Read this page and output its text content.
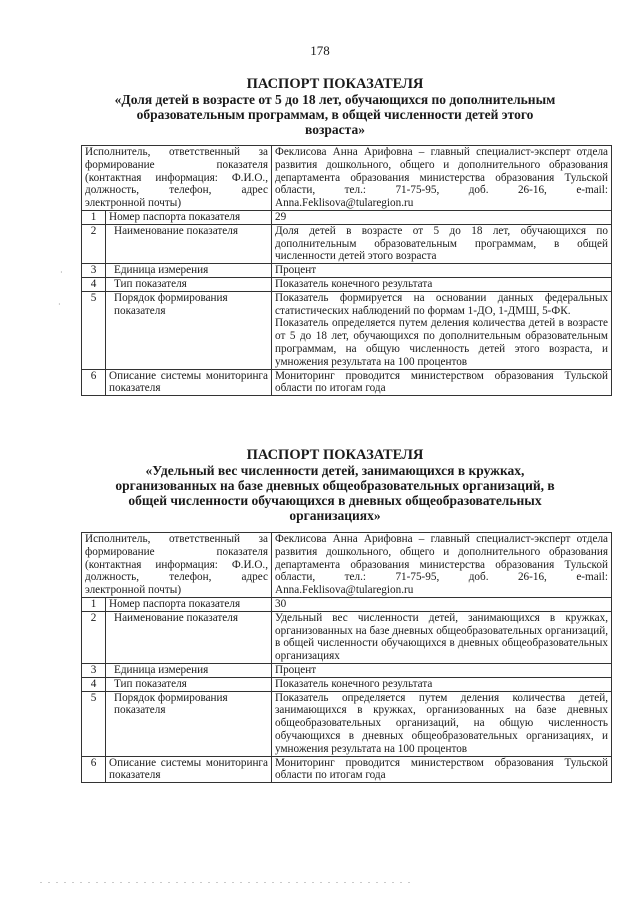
178
ПАСПОРТ ПОКАЗАТЕЛЯ
«Доля детей в возрасте от 5 до 18 лет, обучающихся по дополнительным
образовательным программам, в общей численности детей этого
возраста»
Исполнитель, ответственный за формирование показателя (контактная информация: Ф.И.О., должность, телефон, адрес электронной почты)		Феклисова Анна Арифовна – главный специалист-эксперт отдела развития дошкольного, общего и дополнительного образования департамента образования министерства образования Тульской области, тел.: 71-75-95, доб. 26-16, e-mail: Anna.Feklisova@tularegion.ru
1	Номер паспорта показателя	29
2	Наименование показателя	Доля детей в возрасте от 5 до 18 лет, обучающихся по дополнительным образовательным программам, в общей численности детей этого возраста
3	Единица измерения	Процент
4	Тип показателя	Показатель конечного результата
5	Порядок формирования показателя	Показатель формируется на основании данных федеральных статистических наблюдений по формам 1-ДО, 1-ДМШ, 5-ФК.
Показатель определяется путем деления количества детей в возрасте от 5 до 18 лет, обучающихся по дополнительным образовательным программам, на общую численность детей этого возраста, и умножения результата на 100 процентов

6	Описание системы мониторинга показателя	Мониторинг проводится министерством образования Тульской области по итогам года
ПАСПОРТ ПОКАЗАТЕЛЯ
«Удельный вес численности детей, занимающихся в кружках,
организованных на базе дневных общеобразовательных организаций, в
общей численности обучающихся в дневных общеобразовательных
организациях»
Исполнитель, ответственный за формирование показателя (контактная информация: Ф.И.О., должность, телефон, адрес электронной почты)		Феклисова Анна Арифовна – главный специалист-эксперт отдела развития дошкольного, общего и дополнительного образования департамента образования министерства образования Тульской области, тел.: 71-75-95, доб. 26-16, e-mail: Anna.Feklisova@tularegion.ru
1	Номер паспорта показателя	30
2	Наименование показателя	Удельный вес численности детей, занимающихся в кружках, организованных на базе дневных общеобразовательных организаций, в общей численности обучающихся в дневных общеобразовательных организациях
3	Единица измерения	Процент
4	Тип показателя	Показатель конечного результата
5	Порядок формирования показателя	Показатель определяется путем деления количества детей, занимающихся в кружках, организованных на базе дневных общеобразовательных организаций, на общую численность обучающихся в дневных общеобразовательных организациях, и умножения результата на 100 процентов
6	Описание системы мониторинга показателя	Мониторинг проводится министерством образования Тульской области по итогам года
·
·
. . . . . . . . . . . . . . . . . . . . . . . . . . . . . . . . . . . . . . . . . . . . . . .
